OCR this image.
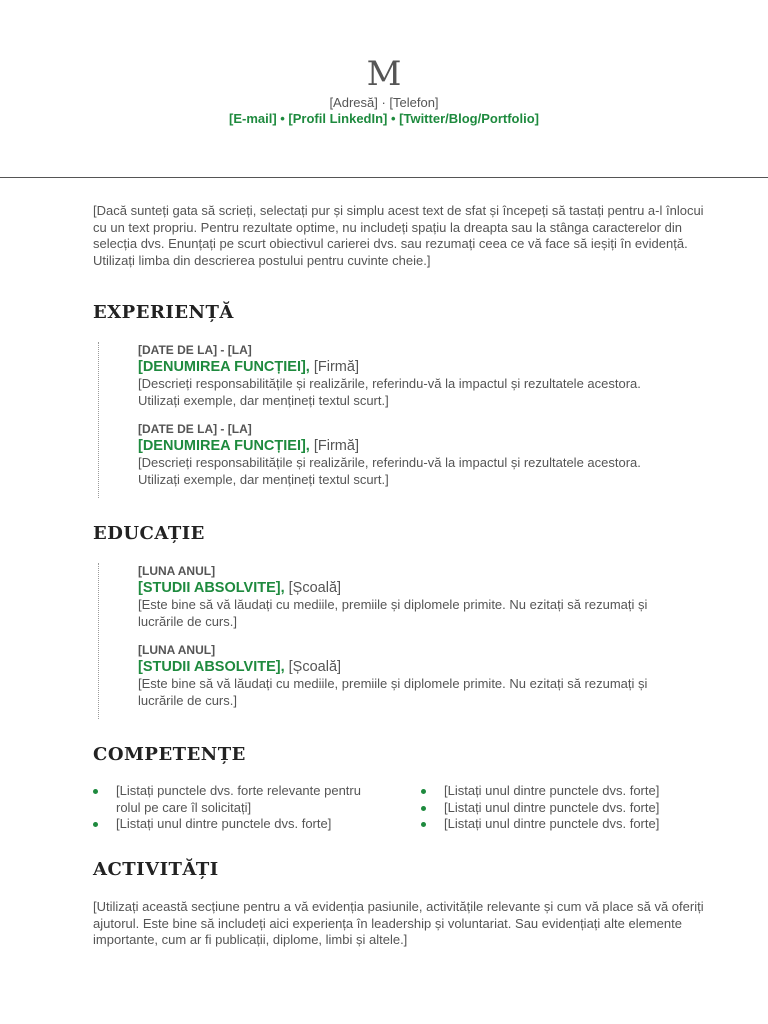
M
[Adresă] · [Telefon]
[E-mail] • [Profil LinkedIn] • [Twitter/Blog/Portfolio]
[Dacă sunteți gata să scrieți, selectați pur și simplu acest text de sfat și începeți să tastați pentru a-l înlocui cu un text propriu. Pentru rezultate optime, nu includeți spațiu la dreapta sau la stânga caracterelor din selecția dvs. Enunțați pe scurt obiectivul carierei dvs. sau rezumați ceea ce vă face să ieșiți în evidență. Utilizați limba din descrierea postului pentru cuvinte cheie.]
EXPERIENȚĂ
[DATE DE LA] - [LA]
[DENUMIREA FUNCȚIEI], [Firmă]
[Descrieți responsabilitățile și realizările, referindu-vă la impactul și rezultatele acestora. Utilizați exemple, dar mențineți textul scurt.]
[DATE DE LA] - [LA]
[DENUMIREA FUNCȚIEI], [Firmă]
[Descrieți responsabilitățile și realizările, referindu-vă la impactul și rezultatele acestora. Utilizați exemple, dar mențineți textul scurt.]
EDUCAȚIE
[LUNA ANUL]
[STUDII ABSOLVITE], [Școală]
[Este bine să vă lăudați cu mediile, premiile și diplomele primite. Nu ezitați să rezumați și lucrările de curs.]
[LUNA ANUL]
[STUDII ABSOLVITE], [Școală]
[Este bine să vă lăudați cu mediile, premiile și diplomele primite. Nu ezitați să rezumați și lucrările de curs.]
COMPETENȚE
[Listați punctele dvs. forte relevante pentru rolul pe care îl solicitați]
[Listați unul dintre punctele dvs. forte]
[Listați unul dintre punctele dvs. forte]
[Listați unul dintre punctele dvs. forte]
[Listați unul dintre punctele dvs. forte]
ACTIVITĂȚI
[Utilizați această secțiune pentru a vă evidenția pasiunile, activitățile relevante și cum vă place să vă oferiți ajutorul. Este bine să includeți aici experiența în leadership și voluntariat. Sau evidențiați alte elemente importante, cum ar fi publicații, diplome, limbi și altele.]
